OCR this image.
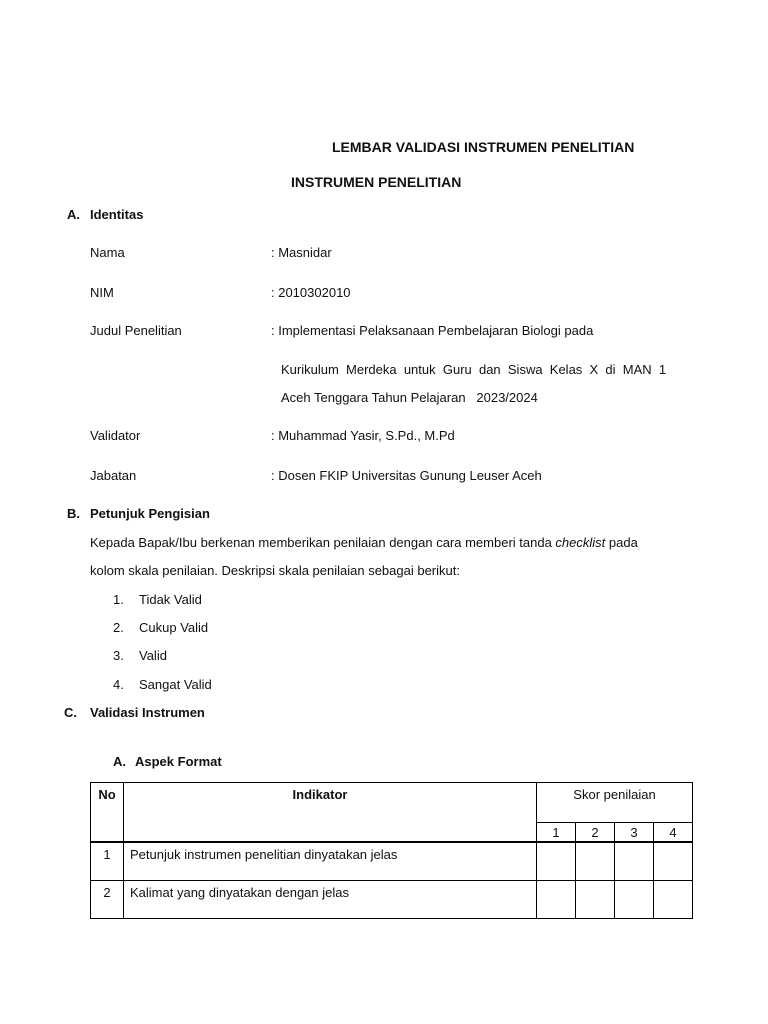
LEMBAR VALIDASI INSTRUMEN PENELITIAN
INSTRUMEN PENELITIAN
A. Identitas
Nama	: Masnidar
NIM	: 2010302010
Judul Penelitian	: Implementasi Pelaksanaan Pembelajaran Biologi pada
Kurikulum  Merdeka  untuk  Guru  dan  Siswa  Kelas  X  di  MAN  1
Aceh Tenggara Tahun Pelajaran   2023/2024
Validator	: Muhammad Yasir, S.Pd., M.Pd
Jabatan	: Dosen FKIP Universitas Gunung Leuser Aceh
B. Petunjuk Pengisian
Kepada Bapak/Ibu berkenan memberikan penilaian dengan cara memberi tanda checklist pada
kolom skala penilaian. Deskripsi skala penilaian sebagai berikut:
1. Tidak Valid
2. Cukup Valid
3. Valid
4. Sangat Valid
C. Validasi Instrumen
A. Aspek Format
No	Indikator	Skor penilaian			
		1	2	3	4
1	Petunjuk instrumen penelitian dinyatakan jelas				
2	Kalimat yang dinyatakan dengan jelas				
